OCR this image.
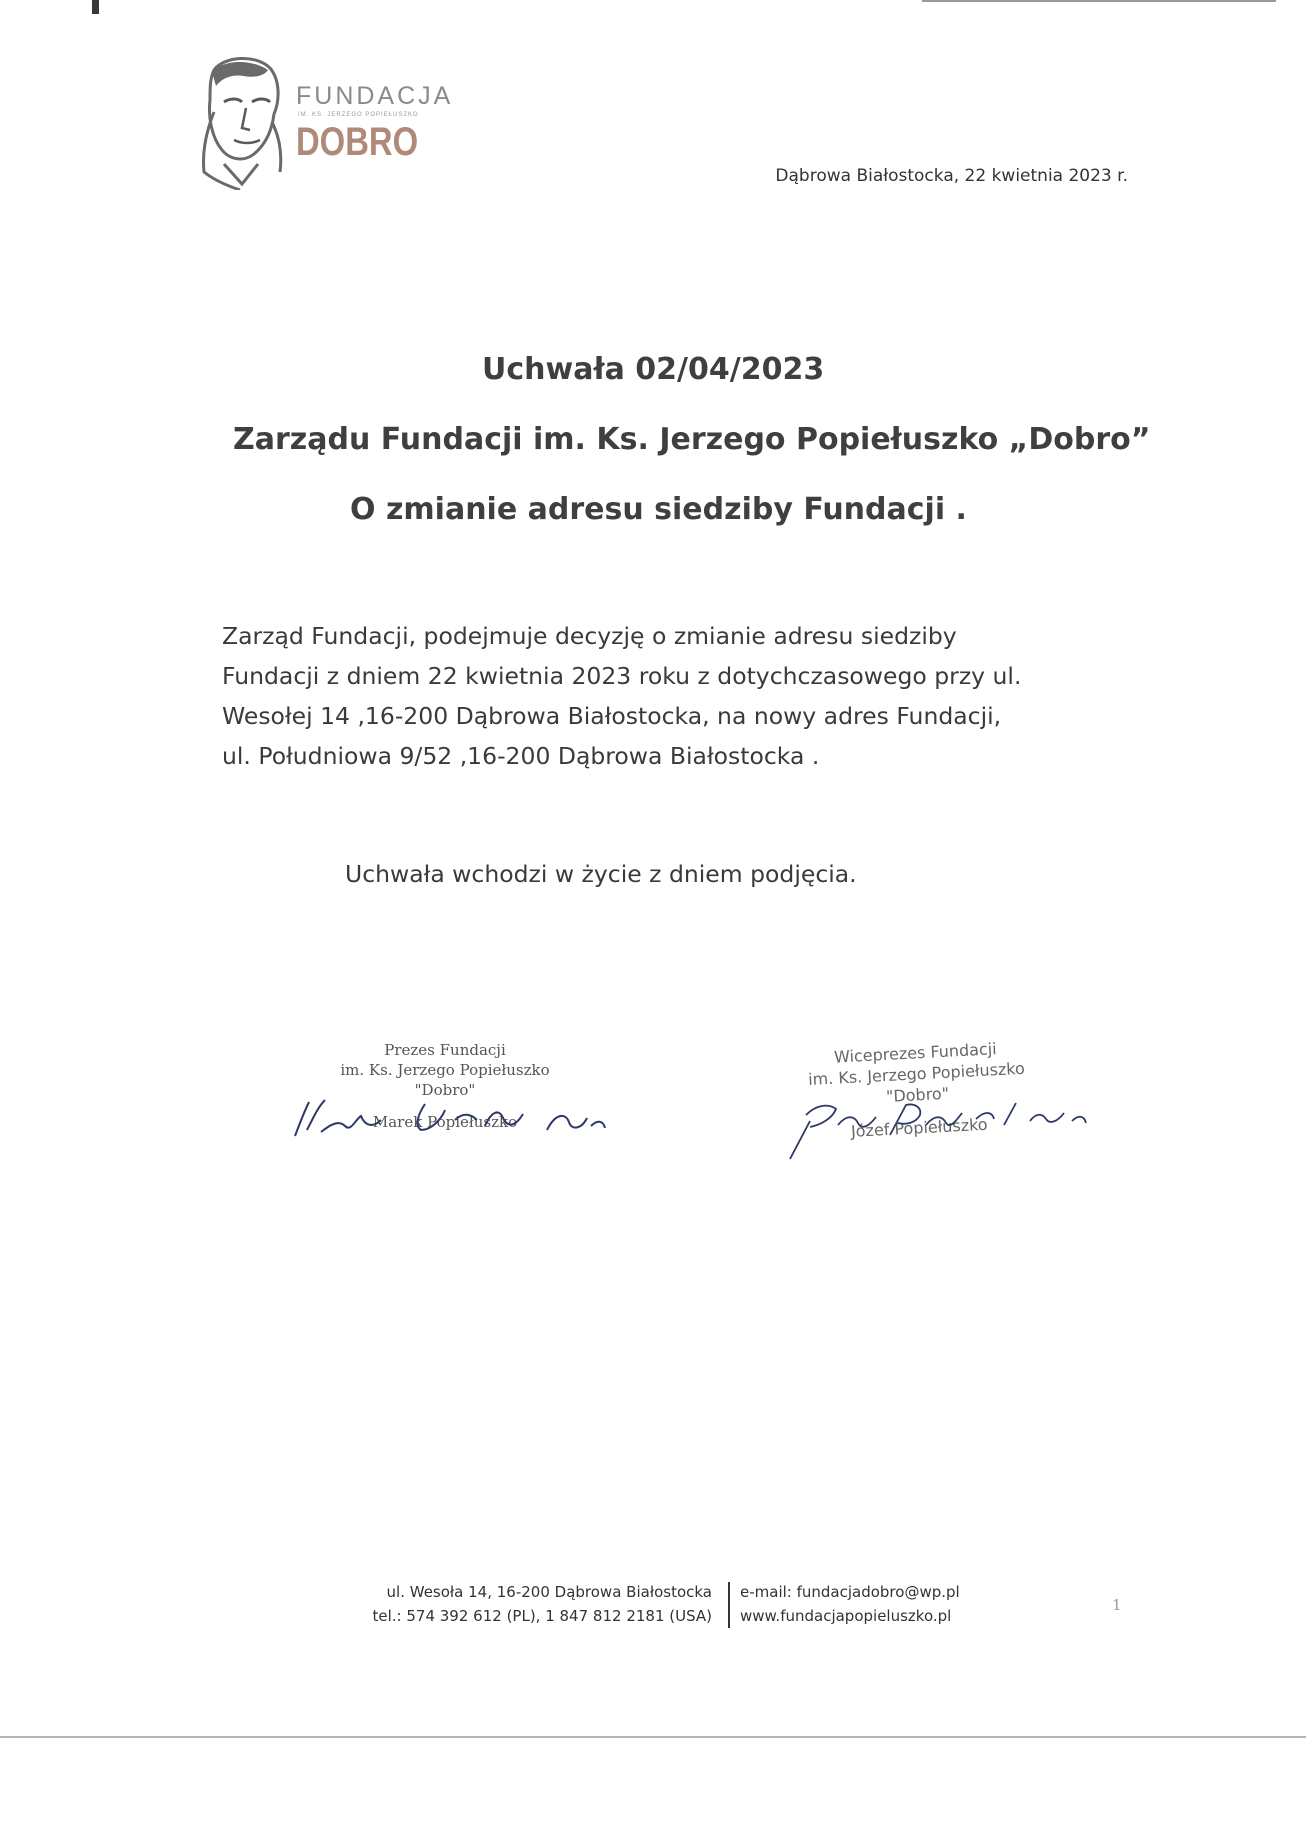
FUNDACJA
IM. KS. JERZEGO POPIEŁUSZKO
DOBRO
Dąbrowa Białostocka, 22 kwietnia 2023 r.
Uchwała 02/04/2023
Zarządu Fundacji im. Ks. Jerzego Popiełuszko „Dobro”
O zmianie adresu siedziby Fundacji .
Zarząd Fundacji, podejmuje decyzję o zmianie adresu siedziby
Fundacji z dniem 22 kwietnia 2023 roku z dotychczasowego przy ul.
Wesołej 14 ,16-200 Dąbrowa Białostocka, na nowy adres Fundacji,
ul. Południowa 9/52 ,16-200 Dąbrowa Białostocka .
Uchwała wchodzi w życie z dniem podjęcia.
Prezes Fundacji
im. Ks. Jerzego Popiełuszko
"Dobro"
Marek Popiełuszko
Wiceprezes Fundacji
im. Ks. Jerzego Popiełuszko
"Dobro"
Józef Popiełuszko
ul. Wesoła 14, 16-200 Dąbrowa Białostocka
tel.: 574 392 612 (PL), 1 847 812 2181 (USA)
e-mail: fundacjadobro@wp.pl
www.fundacjapopieluszko.pl
1
